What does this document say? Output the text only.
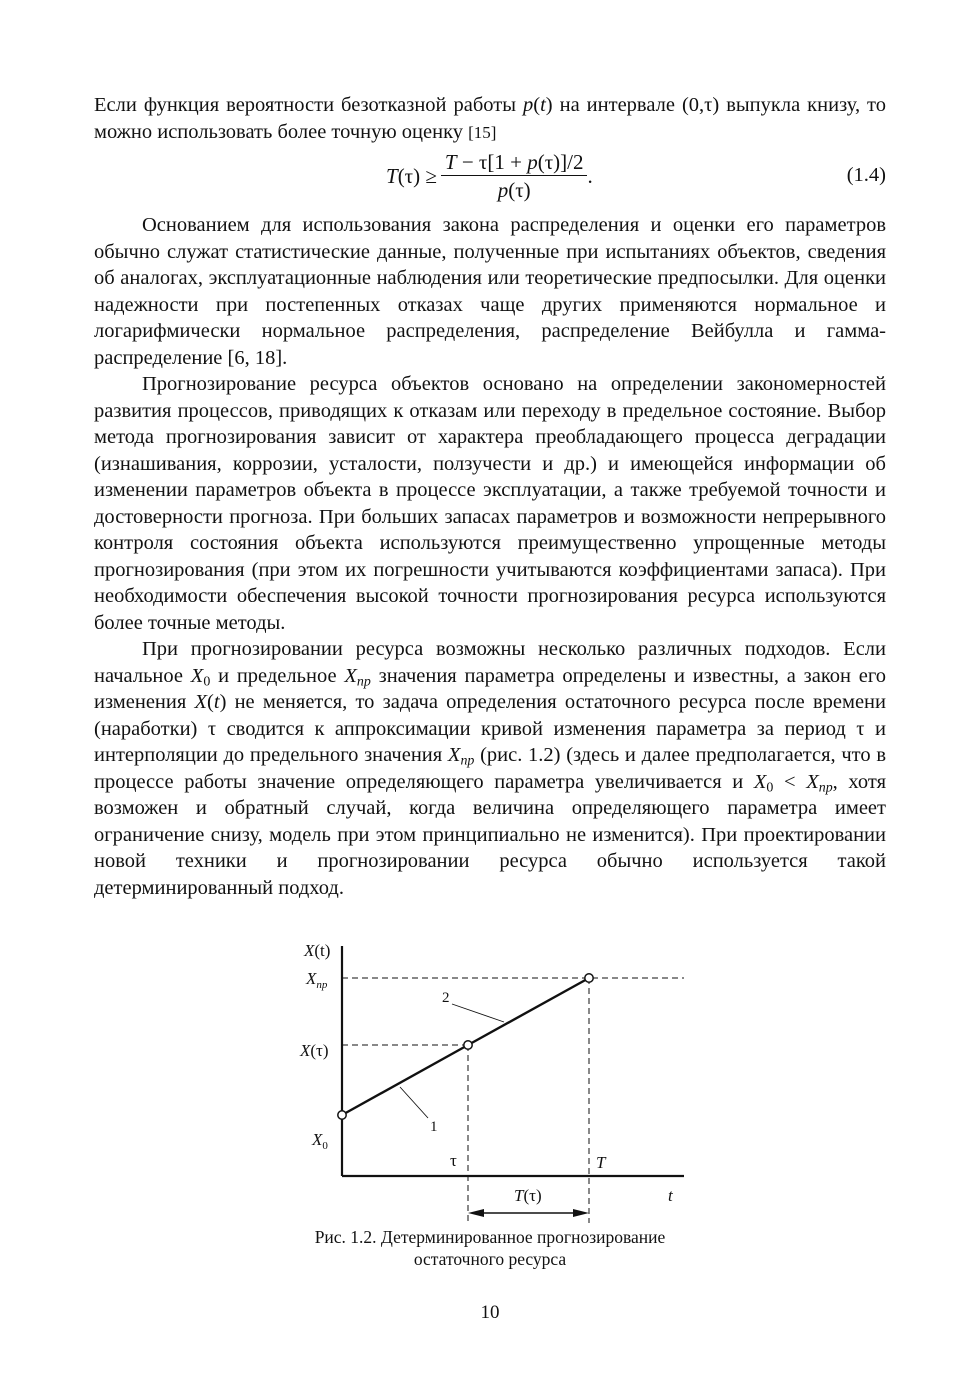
Если функция вероятности безотказной работы p(t) на интервале (0,τ) выпукла книзу, то можно использовать более точную оценку [15]

T $(\tau) \ge \frac{T - \tau[1 + p(\tau)]/2}{p(\tau)}$ .	(1.4)

Основанием для использования закона распределения и оценки его параметров обычно служат статистические данные, полученные при испытаниях объектов, сведения об аналогах, эксплуатационные наблюдения или теоретические предпосылки. Для оценки надежности при постепенных отказах чаще других применяются нормальное и логарифмически нормальное распределения, распределение Вейбулла и гамма-распределение [6, 18].

Прогнозирование ресурса объектов основано на определении закономерностей развития процессов, приводящих к отказам или переходу в предельное состояние. Выбор метода прогнозирования зависит от характера преобладающего процесса деградации (изнашивания, коррозии, усталости, ползучести и др.) и имеющейся информации об изменении параметров объекта в процессе эксплуатации, а также требуемой точности и достоверности прогноза. При больших запасах параметров и возможности непрерывного контроля состояния объекта используются преимущественно упрощенные методы прогнозирования (при этом их погрешности учитываются коэффициентами запаса). При необходимости обеспечения высокой точности прогнозирования ресурса используются более точные методы.

При прогнозировании ресурса возможны несколько различных подходов. Если начальное $X_0$ и предельное $X_{пр}$ значения параметра определены и известны, а закон его изменения X(t) не меняется, то задача определения остаточного ресурса после времени (наработки) τ сводится к аппроксимации кривой изменения параметра за период τ и интерполяции до предельного значения $X_{пр}$ (рис. 1.2) (здесь и далее предполагается, что в процессе работы значение определяющего параметра увеличивается и $X_0 < X_{пр}$, хотя возможен и обратный случай, когда величина определяющего параметра имеет ограничение снизу, модель при этом принципиально не изменится). При проектировании новой техники и прогнозировании ресурса обычно используется такой детерминированный подход.

X(t)
$X_{пр}$
2
X(τ)
1
$X_0$
τ	T
T(τ)	t
Рис. 1.2. Детерминированное прогнозирование
остаточного ресурса
10
